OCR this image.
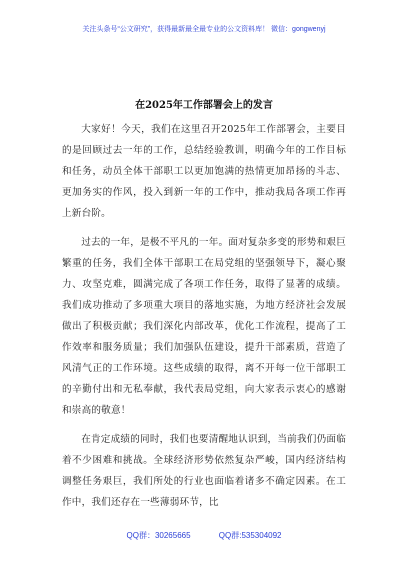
关注头条号“公文研究”，获得最新最全最专业的公文资料库！ 微信：gongwenyj
在2025年工作部署会上的发言

大家好！今天，我们在这里召开2025年工作部署会，主要目的是回顾过去一年的工作，总结经验教训，明确今年的工作目标和任务，动员全体干部职工以更加饱满的热情更加昂扬的斗志、更加务实的作风，投入到新一年的工作中，推动我局各项工作再上新台阶。

过去的一年，是极不平凡的一年。面对复杂多变的形势和艰巨繁重的任务，我们全体干部职工在局党组的坚强领导下，凝心聚力、攻坚克难，圆满完成了各项工作任务，取得了显著的成绩。我们成功推动了多项重大项目的落地实施，为地方经济社会发展做出了积极贡献；我们深化内部改革，优化工作流程，提高了工作效率和服务质量；我们加强队伍建设，提升干部素质，营造了风清气正的工作环境。这些成绩的取得，离不开每一位干部职工的辛勤付出和无私奉献，我代表局党组，向大家表示衷心的感谢和崇高的敬意！

在肯定成绩的同时，我们也要清醒地认识到，当前我们仍面临着不少困难和挑战。全球经济形势依然复杂严峻，国内经济结构调整任务艰巨，我们所处的行业也面临着诸多不确定因素。在工作中，我们还存在一些薄弱环节，比

QQ群：30265665	QQ群:535304092
